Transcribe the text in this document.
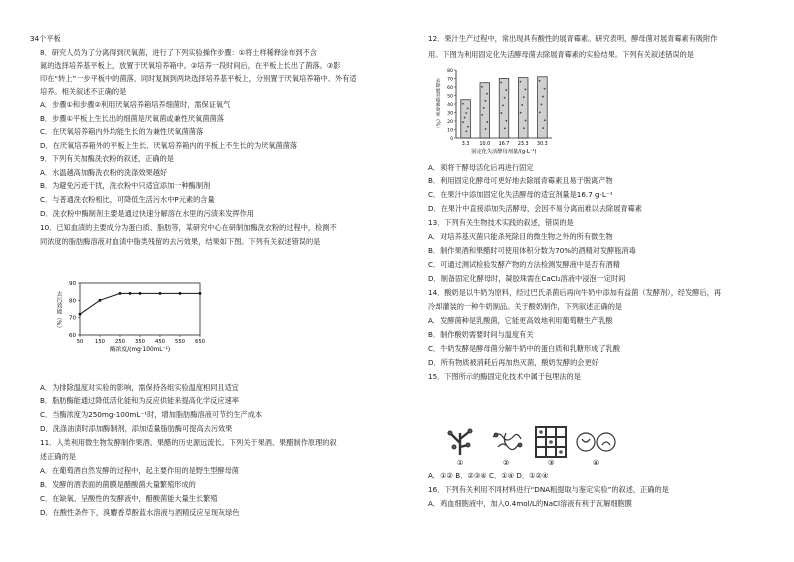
34个平板
8．研究人员为了分离得到厌氧菌，进行了下列实验操作步骤：①将土样稀释涂布到不含
氮的选择培养基平板上，放置于厌氧培养箱中。②培养一段时间后，在平板上长出了菌落。③影
印在“转上”一步平板中的菌落，同时复制到两块选择培养基平板上，分别置于厌氧培养箱中、外有适
培养。相关叙述不正确的是
A．步骤①和步骤②利用厌氧培养箱培养细菌时，需保证氧气
B．步骤①平板上生长出的细菌是厌氧菌或兼性厌氧菌菌落
C．在厌氧培养箱内外均能生长的为兼性厌氧菌菌落
D．在厌氧培养箱外的平板上生长、厌氧培养箱内的平板上不生长的为厌氧菌菌落
9．下列有关加酶洗衣粉的叙述，正确的是
A．水温越高加酶洗衣粉的洗涤效果越好
B．为避免污迹干扰，洗衣粉中只适宜添加一种酶制剂
C．与普通洗衣粉相比，可降低生活污水中P元素的含量
D．洗衣粉中酶制剂主要是通过快速分解溶在水里的污渍来发挥作用
10．已知血渍的主要成分为蛋白质、脂肪等，某研究中心在研制加酶洗衣粉的过程中，检测不
同浓度的脂肪酶溶液对血渍中脂类残留的去污效果，结果如下图。下列有关叙述错误的是
60
70
80
90
50 150 250 350 450 550 650
酶浓度/(mg·100mL⁻¹)
去污效能（%）
A．为排除温度对实验的影响，需保持各组实验温度相同且适宜
B．脂肪酶能通过降低活化能和为反应供能来提高化学反应速率
C．当酶浓度为250mg·100mL⁻¹时，增加脂肪酶溶液可节约生产成本
D．洗涤油渍时添加酶制剂，添加适量脂肪酶可提高去污效果
11．人类利用微生物发酵制作果酒、果醋的历史源远流长。下列关于果酒、果醋制作原理的叙
述正确的是
A．在葡萄酒自然发酵的过程中，起主要作用的是野生型酵母菌
B．发酵的酒表面的菌膜是醋酸菌大量繁殖形成的
C．在缺氧、呈酸性的发酵液中，醋酸菌能大量生长繁殖
D．在酸性条件下，溴麝香草酚蓝水溶液与酒精反应呈现灰绿色
12．果汁生产过程中，常出现具有酸性的展青霉素。研究表明，酵母菌对展青霉素有吸附作
用。下图为利用固定化失活酵母菌去除展青霉素的实验结果。下列有关叙述错误的是
0
10
20
30
40
50
60
70
80
3.3 10.0 16.7 23.3 30.3
固定化失活酵母剂量/(g·L⁻¹)
去除展青霉素效率（%）
A．须将干酵母活化后再进行固定
B．利用固定化酵母可更好地去除展青霉素且易于脱离产物
C．在果汁中添加固定化失活酵母的适宜剂量是16.7 g·L⁻¹
D．在果汁中直接添加失活酵母，会因不易分离而难以去除展青霉素
13．下列有关生物技术实践的叙述，错误的是
A．对培养基灭菌只能杀死除目的微生物之外的所有微生物
B．制作果酒和果醋时可使用体积分数为70%的酒精对发酵瓶消毒
C．可通过测试检验发酵产物的方法检测发酵液中是否有酒精
D．制备固定化酵母时，凝胶珠需在CaCl₂溶液中浸泡一定时间
14．酸奶是以牛奶为原料，经过巴氏杀菌后再向牛奶中添加有益菌（发酵剂），经发酵后，再
冷却灌装的一种牛奶制品。关于酸奶制作，下列叙述正确的是
A．发酵菌种是乳酸菌，它能更高效地利用葡萄糖生产乳酸
B．制作酸奶需要时间与温度有关
C．牛奶发酵是酵母菌分解牛奶中的蛋白质和乳糖形成了乳酸
D．所有物质被消耗后再加热灭菌，酸奶发酵的会更好
15．下图所示的酶固定化技术中属于包埋法的是
A．①② B．②③④ C．①④ D．①②④
16．下列有关利用不同材料进行“DNA粗提取与鉴定实验”的叙述，正确的是
A．鸡血细胞液中，加入0.4mol/L的NaCl溶液有利于瓦解细胞膜
①	②	③	④
